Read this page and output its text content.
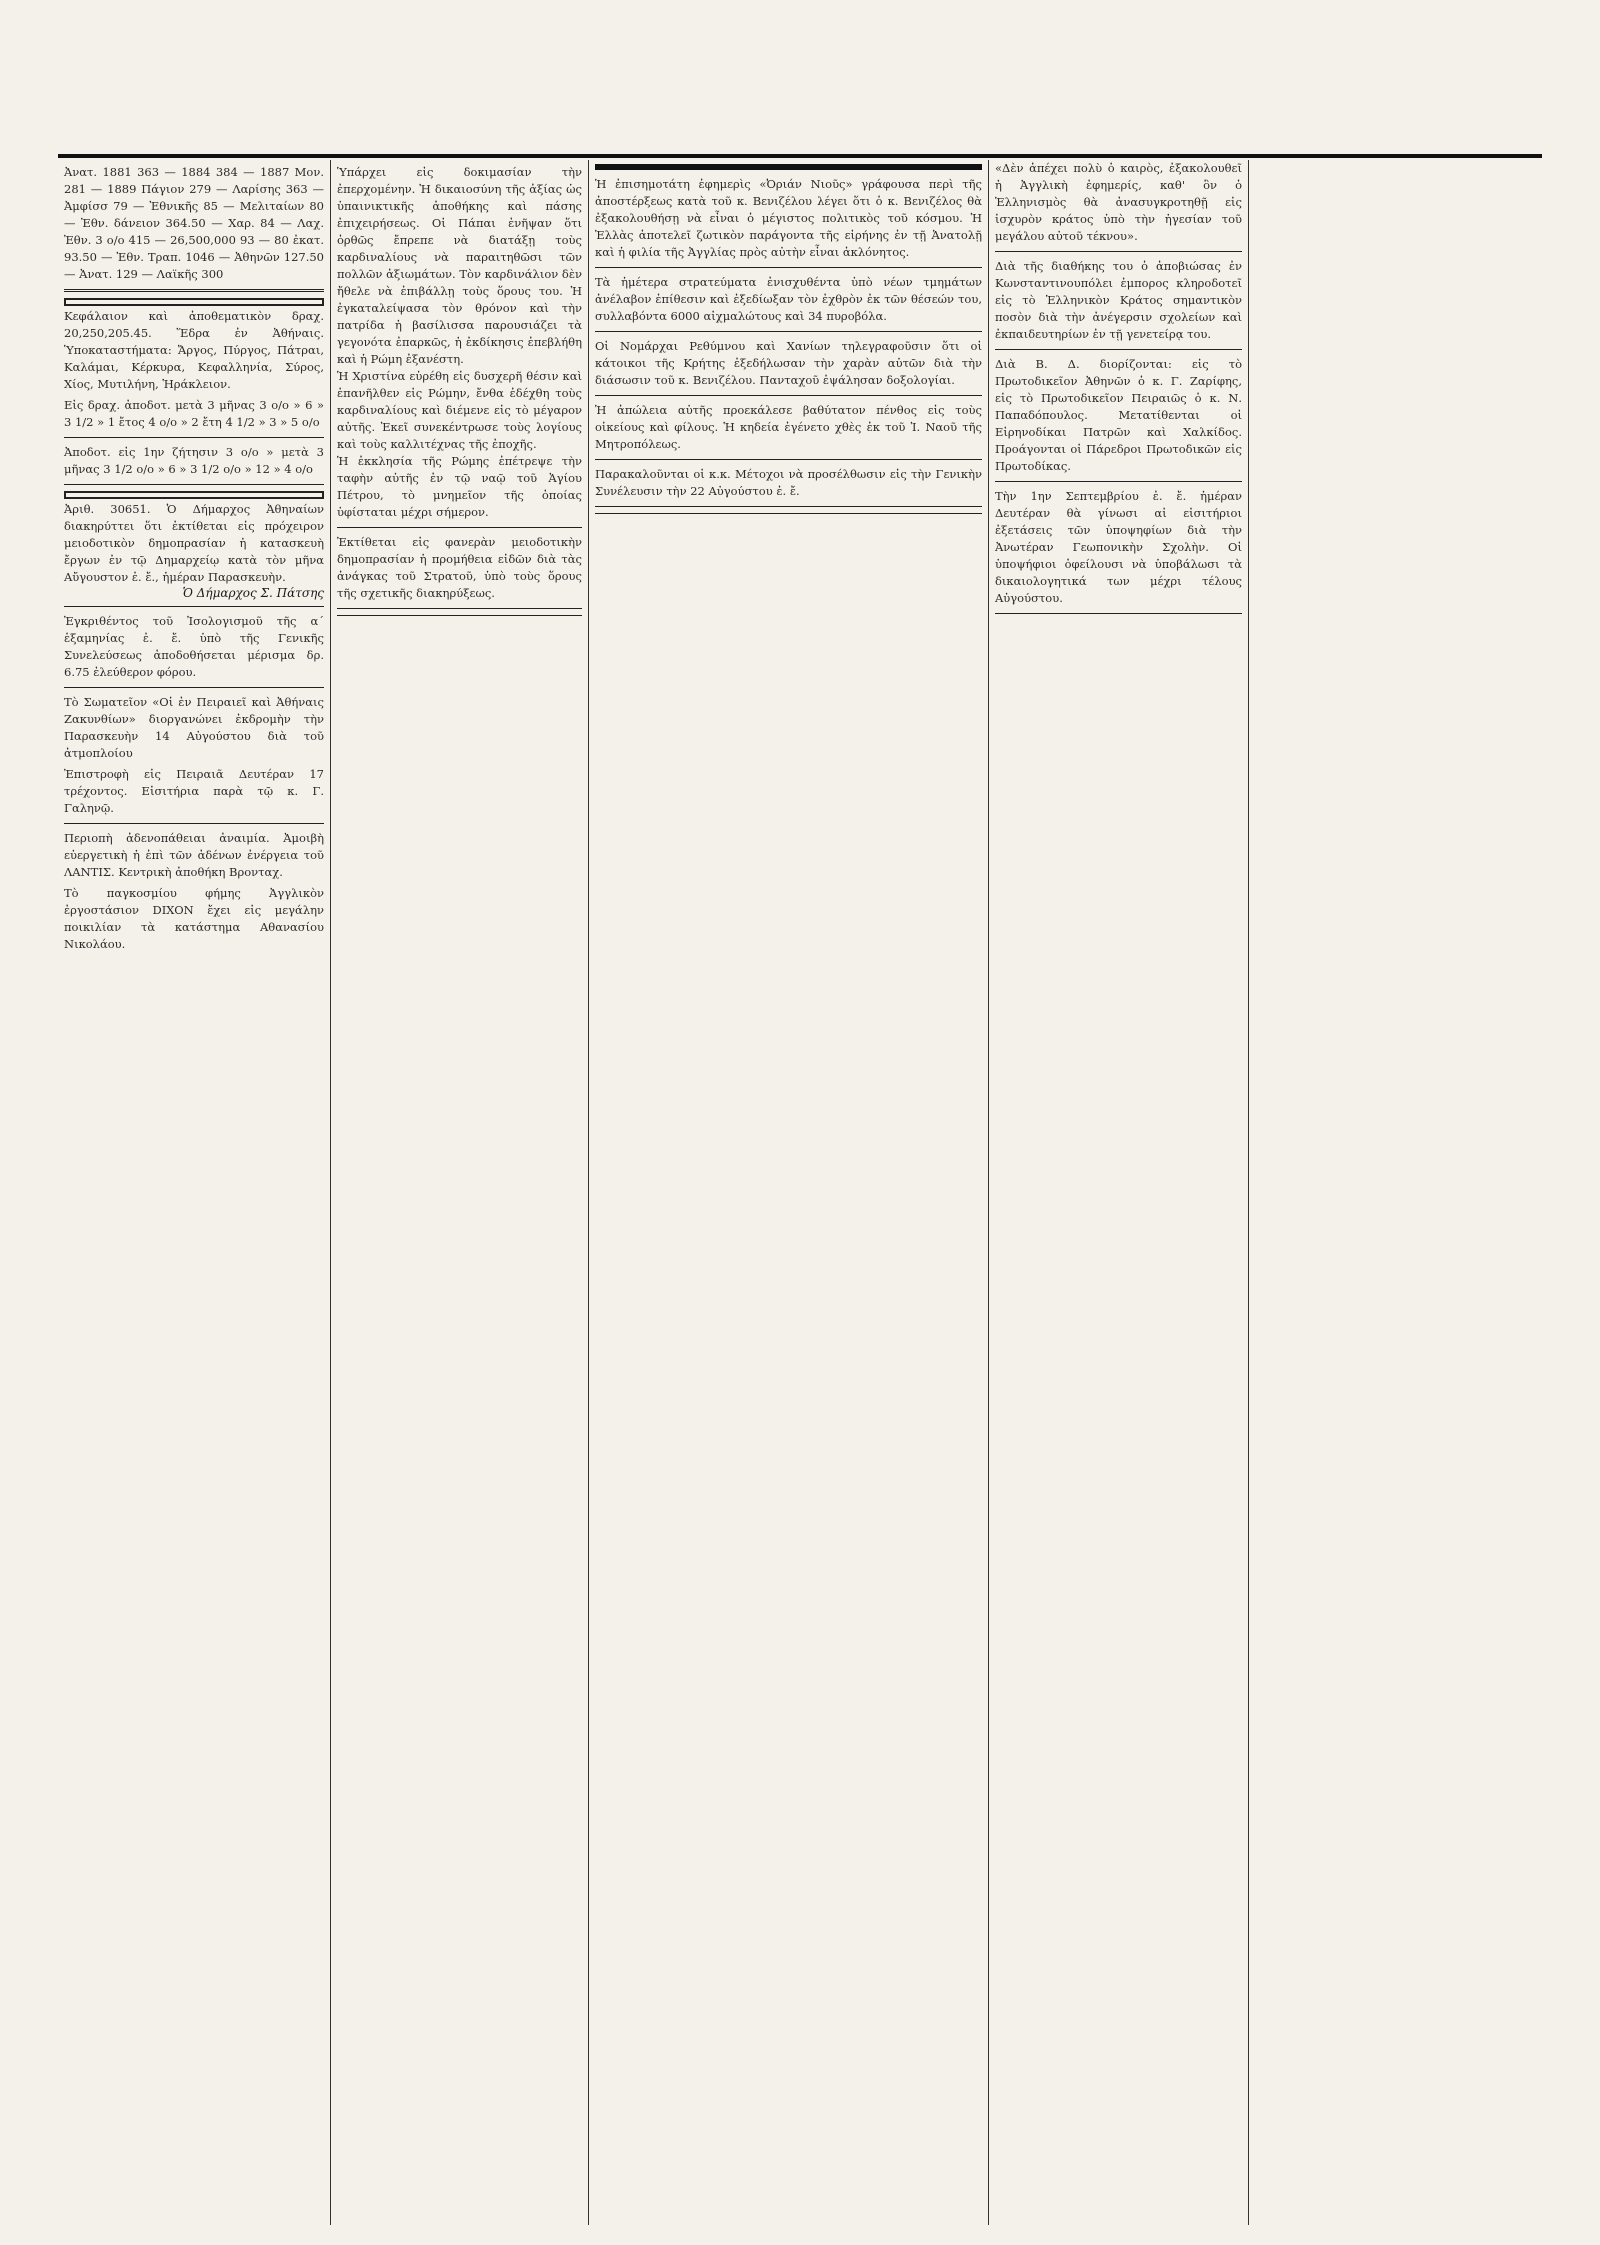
Ἀνατ. 1881 363 — 1884 384 — 1887 Μον. 281 — 1889 Πάγιον 279 — Λαρίσης 363 — Ἀμφίσσ 79 — Ἐθνικῆς 85 — Μελιταίων 80 — Ἐθν. δάνειον 364.50 — Χαρ. 84 — Λαχ. Ἐθν. 3 ο/ο 415 — 26,500,000 93 — 80 ἐκατ. 93.50 — Ἐθν. Τραπ. 1046 — Ἀθηνῶν 127.50 — Ἀνατ. 129 — Λαϊκῆς 300

Κεφάλαιον καὶ ἀποθεματικὸν δραχ. 20,250,205.45. Ἕδρα ἐν Ἀθήναις. Ὑποκαταστήματα: Ἄργος, Πύργος, Πάτραι, Καλάμαι, Κέρκυρα, Κεφαλληνία, Σύρος, Χίος, Μυτιλήνη, Ἡράκλειον.

Εἰς δραχ. ἀποδοτ. μετὰ 3 μῆνας 3 ο/ο » 6 » 3 1/2 » 1 ἔτος 4 ο/ο » 2 ἔτη 4 1/2 » 3 » 5 ο/ο

Ἀποδοτ. εἰς 1ην ζήτησιν 3 ο/ο » μετὰ 3 μῆνας 3 1/2 ο/ο » 6 » 3 1/2 ο/ο » 12 » 4 ο/ο

Ἀριθ. 30651. Ὁ Δήμαρχος Ἀθηναίων διακηρύττει ὅτι ἐκτίθεται εἰς πρόχειρον μειοδοτικὸν δημοπρασίαν ἡ κατασκευὴ ἔργων ἐν τῷ Δημαρχείῳ κατὰ τὸν μῆνα Αὔγουστον ἐ. ἔ., ἡμέραν Παρασκευὴν.

Ὁ Δήμαρχος Σ. Πάτσης

Ἐγκριθέντος τοῦ Ἰσολογισμοῦ τῆς α΄ ἑξαμηνίας ἐ. ἔ. ὑπὸ τῆς Γενικῆς Συνελεύσεως ἀποδοθήσεται μέρισμα δρ. 6.75 ἐλεύθερον φόρου.

Τὸ Σωματεῖον «Οἱ ἐν Πειραιεῖ καὶ Ἀθήναις Ζακυνθίων» διοργανώνει ἐκδρομὴν τὴν Παρασκευὴν 14 Αὐγούστου διὰ τοῦ ἀτμοπλοίου

Ἐπιστροφὴ εἰς Πειραιᾶ Δευτέραν 17 τρέχοντος. Εἰσιτήρια παρὰ τῷ κ. Γ. Γαληνῷ.

Περιοπὴ ἀδενοπάθειαι ἀναιμία. Ἀμοιβὴ εὐεργετικὴ ἡ ἐπὶ τῶν ἀδένων ἐνέργεια τοῦ ΛΑΝΤΙΣ. Κεντρικὴ ἀποθήκη Βρονταχ.

Τὸ παγκοσμίου φήμης Ἀγγλικὸν ἐργοστάσιον DIXON ἔχει εἰς μεγάλην ποικιλίαν τὰ κατάστημα Αθανασίου Νικολάου.

Ὑπάρχει εἰς δοκιμασίαν τὴν ἐπερχομένην. Ἡ δικαιοσύνη τῆς ἀξίας ὡς ὑπαινικτικῆς ἀποθήκης καὶ πάσης ἐπιχειρήσεως. Οἱ Πάπαι ἐνῆψαν ὅτι ὀρθῶς ἔπρεπε νὰ διατάξῃ τοὺς καρδιναλίους νὰ παραιτηθῶσι τῶν πολλῶν ἀξιωμάτων. Τὸν καρδινάλιον δὲν ἤθελε νὰ ἐπιβάλλῃ τοὺς ὅρους του. Ἡ ἐγκαταλείψασα τὸν θρόνον καὶ τὴν πατρίδα ἡ βασίλισσα παρουσιάζει τὰ γεγονότα ἐπαρκῶς, ἡ ἐκδίκησις ἐπεβλήθη καὶ ἡ Ρώμη ἐξανέστη.

Ἡ Χριστίνα εὑρέθη εἰς δυσχερῆ θέσιν καὶ ἐπανῆλθεν εἰς Ρώμην, ἔνθα ἐδέχθη τοὺς καρδιναλίους καὶ διέμενε εἰς τὸ μέγαρον αὐτῆς. Ἐκεῖ συνεκέντρωσε τοὺς λογίους καὶ τοὺς καλλιτέχνας τῆς ἐποχῆς.

Ἡ ἐκκλησία τῆς Ρώμης ἐπέτρεψε τὴν ταφὴν αὐτῆς ἐν τῷ ναῷ τοῦ Ἁγίου Πέτρου, τὸ μνημεῖον τῆς ὁποίας ὑφίσταται μέχρι σήμερον.

Ἐκτίθεται εἰς φανερὰν μειοδοτικὴν δημοπρασίαν ἡ προμήθεια εἰδῶν διὰ τὰς ἀνάγκας τοῦ Στρατοῦ, ὑπὸ τοὺς ὅρους τῆς σχετικῆς διακηρύξεως.

Ἡ ἐπισημοτάτη ἐφημερὶς «Ὀριάν Νιοῦς» γράφουσα περὶ τῆς ἀποστέρξεως κατὰ τοῦ κ. Βενιζέλου λέγει ὅτι ὁ κ. Βενιζέλος θὰ ἐξακολουθήσῃ νὰ εἶναι ὁ μέγιστος πολιτικὸς τοῦ κόσμου. Ἡ Ἑλλὰς ἀποτελεῖ ζωτικὸν παράγοντα τῆς εἰρήνης ἐν τῇ Ἀνατολῇ καὶ ἡ φιλία τῆς Ἀγγλίας πρὸς αὐτὴν εἶναι ἀκλόνητος.

Τὰ ἡμέτερα στρατεύματα ἐνισχυθέντα ὑπὸ νέων τμημάτων ἀνέλαβον ἐπίθεσιν καὶ ἐξεδίωξαν τὸν ἐχθρὸν ἐκ τῶν θέσεών του, συλλαβόντα 6000 αἰχμαλώτους καὶ 34 πυροβόλα.

Οἱ Νομάρχαι Ρεθύμνου καὶ Χανίων τηλεγραφοῦσιν ὅτι οἱ κάτοικοι τῆς Κρήτης ἐξεδήλωσαν τὴν χαρὰν αὐτῶν διὰ τὴν διάσωσιν τοῦ κ. Βενιζέλου. Πανταχοῦ ἐψάλησαν δοξολογίαι.

Ἡ ἀπώλεια αὐτῆς προεκάλεσε βαθύτατον πένθος εἰς τοὺς οἰκείους καὶ φίλους. Ἡ κηδεία ἐγένετο χθὲς ἐκ τοῦ Ἱ. Ναοῦ τῆς Μητροπόλεως.

Παρακαλοῦνται οἱ κ.κ. Μέτοχοι νὰ προσέλθωσιν εἰς τὴν Γενικὴν Συνέλευσιν τὴν 22 Αὐγούστου ἐ. ἔ.

«Δὲν ἀπέχει πολὺ ὁ καιρὸς, ἐξακολουθεῖ ἡ Ἀγγλικὴ ἐφημερίς, καθ' ὃν ὁ Ἑλληνισμὸς θὰ ἀνασυγκροτηθῇ εἰς ἰσχυρὸν κράτος ὑπὸ τὴν ἡγεσίαν τοῦ μεγάλου αὐτοῦ τέκνου».

Διὰ τῆς διαθήκης του ὁ ἀποβιώσας ἐν Κωνσταντινουπόλει ἐμπορος κληροδοτεῖ εἰς τὸ Ἑλληνικὸν Κράτος σημαντικὸν ποσὸν διὰ τὴν ἀνέγερσιν σχολείων καὶ ἐκπαιδευτηρίων ἐν τῇ γενετείρᾳ του.

Διὰ Β. Δ. διορίζονται: εἰς τὸ Πρωτοδικεῖον Ἀθηνῶν ὁ κ. Γ. Ζαρίφης, εἰς τὸ Πρωτοδικεῖον Πειραιῶς ὁ κ. Ν. Παπαδόπουλος. Μετατίθενται οἱ Εἰρηνοδίκαι Πατρῶν καὶ Χαλκίδος. Προάγονται οἱ Πάρεδροι Πρωτοδικῶν εἰς Πρωτοδίκας.

Τὴν 1ην Σεπτεμβρίου ἐ. ἔ. ἡμέραν Δευτέραν θὰ γίνωσι αἱ εἰσιτήριοι ἐξετάσεις τῶν ὑποψηφίων διὰ τὴν Ἀνωτέραν Γεωπονικὴν Σχολὴν. Οἱ ὑποψήφιοι ὀφείλουσι νὰ ὑποβάλωσι τὰ δικαιολογητικά των μέχρι τέλους Αὐγούστου.
